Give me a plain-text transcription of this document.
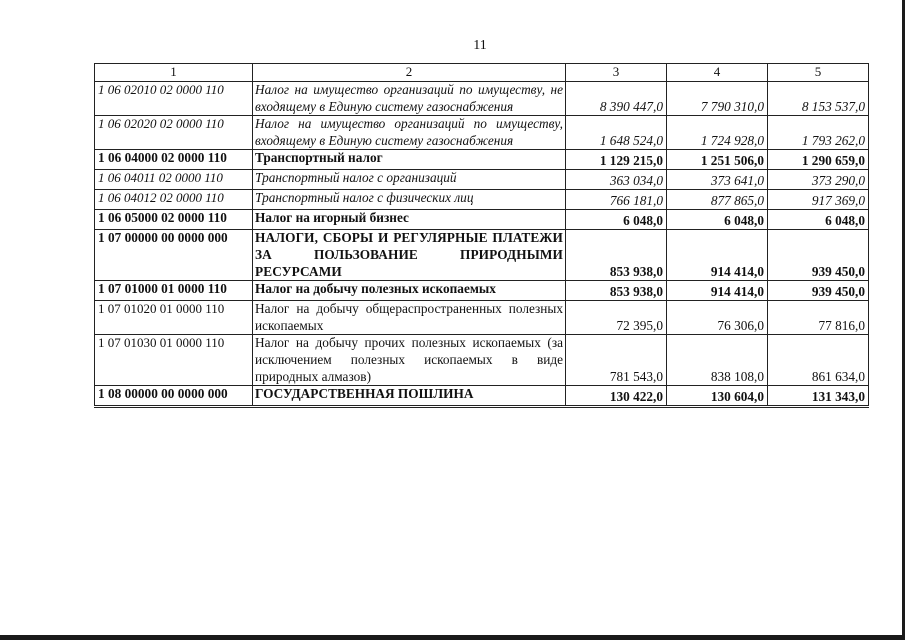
11
1	2	3	4	5
1 06 02010 02 0000 110	Налог на имущество организаций по имуществу, не входящему в Единую систему газоснабжения	8 390 447,0	7 790 310,0	8 153 537,0
1 06 02020 02 0000 110	Налог на имущество организаций по имуществу, входящему в Единую систему газоснабжения	1 648 524,0	1 724 928,0	1 793 262,0
1 06 04000 02 0000 110	Транспортный налог	1 129 215,0	1 251 506,0	1 290 659,0
1 06 04011 02 0000 110	Транспортный налог с организаций	363 034,0	373 641,0	373 290,0
1 06 04012 02 0000 110	Транспортный налог с физических лиц	766 181,0	877 865,0	917 369,0
1 06 05000 02 0000 110	Налог на игорный бизнес	6 048,0	6 048,0	6 048,0
1 07 00000 00 0000 000	НАЛОГИ, СБОРЫ И РЕГУЛЯРНЫЕ ПЛАТЕЖИ ЗА ПОЛЬЗОВАНИЕ ПРИРОДНЫМИ РЕСУРСАМИ	853 938,0	914 414,0	939 450,0
1 07 01000 01 0000 110	Налог на добычу полезных ископаемых	853 938,0	914 414,0	939 450,0
1 07 01020 01 0000 110	Налог на добычу общераспространенных полезных ископаемых	72 395,0	76 306,0	77 816,0
1 07 01030 01 0000 110	Налог на добычу прочих полезных ископаемых (за исключением полезных ископаемых в виде природных алмазов)	781 543,0	838 108,0	861 634,0
1 08 00000 00 0000 000	ГОСУДАРСТВЕННАЯ ПОШЛИНА	130 422,0	130 604,0	131 343,0
